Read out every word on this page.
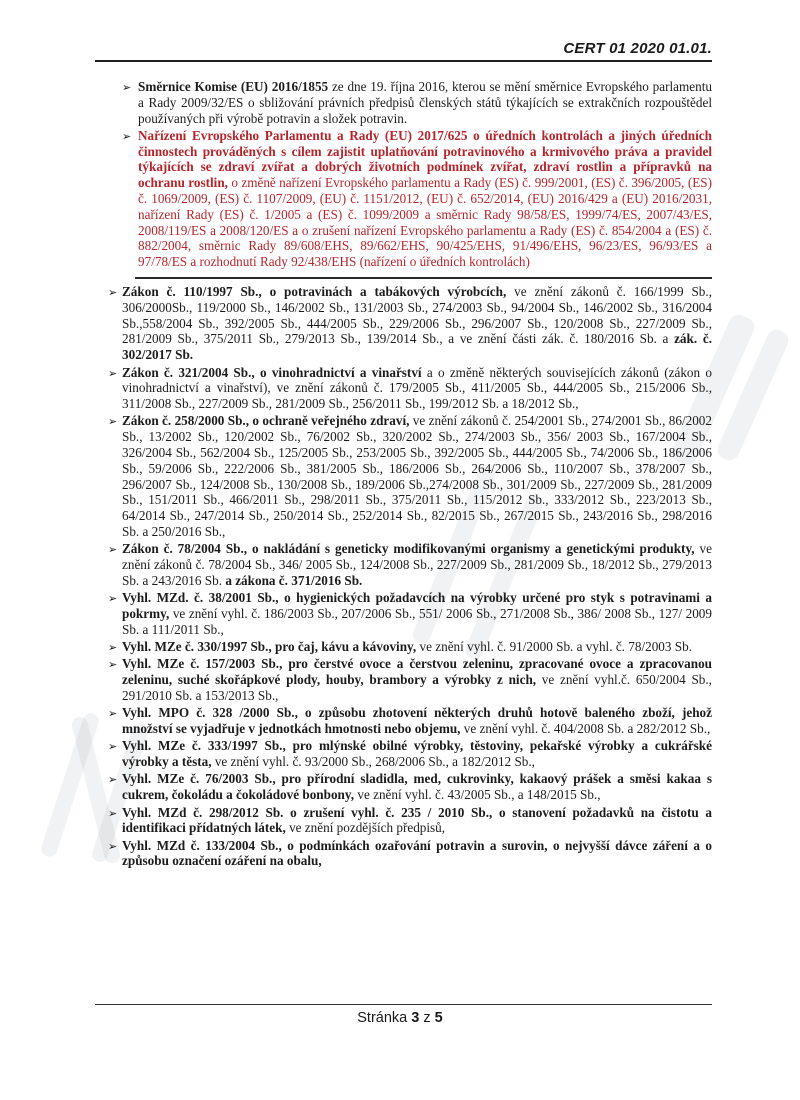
CERT 01 2020 01.01.
➢ Směrnice Komise (EU) 2016/1855 ze dne 19. října 2016, kterou se mění směrnice Evropského parlamentu a Rady 2009/32/ES o sbližování právních předpisů členských států týkajících se extrakčních rozpouštědel používaných při výrobě potravin a složek potravin.
➢ Nařízení Evropského Parlamentu a Rady (EU) 2017/625 o úředních kontrolách a jiných úředních činnostech prováděných s cílem zajistit uplatňování potravinového a krmivového práva a pravidel týkajících se zdraví zvířat a dobrých životních podmínek zvířat, zdraví rostlin a přípravků na ochranu rostlin, o změně nařízení Evropského parlamentu a Rady (ES) č. 999/2001, (ES) č. 396/2005, (ES) č. 1069/2009, (ES) č. 1107/2009, (EU) č. 1151/2012, (EU) č. 652/2014, (EU) 2016/429 a (EU) 2016/2031, nařízení Rady (ES) č. 1/2005 a (ES) č. 1099/2009 a směrnic Rady 98/58/ES, 1999/74/ES, 2007/43/ES, 2008/119/ES a 2008/120/ES a o zrušení nařízení Evropského parlamentu a Rady (ES) č. 854/2004 a (ES) č. 882/2004, směrnic Rady 89/608/EHS, 89/662/EHS, 90/425/EHS, 91/496/EHS, 96/23/ES, 96/93/ES a 97/78/ES a rozhodnutí Rady 92/438/EHS (nařízení o úředních kontrolách)
➢ Zákon č. 110/1997 Sb., o potravinách a tabákových výrobcích, ve znění zákonů č. 166/1999 Sb., 306/2000Sb., 119/2000 Sb., 146/2002 Sb., 131/2003 Sb., 274/2003 Sb., 94/2004 Sb., 146/2002 Sb., 316/2004 Sb.,558/2004 Sb., 392/2005 Sb., 444/2005 Sb., 229/2006 Sb., 296/2007 Sb., 120/2008 Sb., 227/2009 Sb., 281/2009 Sb., 375/2011 Sb., 279/2013 Sb., 139/2014 Sb., a ve znění části zák. č. 180/2016 Sb. a zák. č. 302/2017 Sb.
➢ Zákon č. 321/2004 Sb., o vinohradnictví a vinařství a o změně některých souvisejících zákonů (zákon o vinohradnictví a vinařství), ve znění zákonů č. 179/2005 Sb., 411/2005 Sb., 444/2005 Sb., 215/2006 Sb., 311/2008 Sb., 227/2009 Sb., 281/2009 Sb., 256/2011 Sb., 199/2012 Sb. a 18/2012 Sb.,
➢ Zákon č. 258/2000 Sb., o ochraně veřejného zdraví, ve znění zákonů č. 254/2001 Sb., 274/2001 Sb., 86/2002 Sb., 13/2002 Sb., 120/2002 Sb., 76/2002 Sb., 320/2002 Sb., 274/2003 Sb., 356/ 2003 Sb., 167/2004 Sb., 326/2004 Sb., 562/2004 Sb., 125/2005 Sb., 253/2005 Sb., 392/2005 Sb., 444/2005 Sb., 74/2006 Sb., 186/2006 Sb., 59/2006 Sb., 222/2006 Sb., 381/2005 Sb., 186/2006 Sb., 264/2006 Sb., 110/2007 Sb., 378/2007 Sb., 296/2007 Sb., 124/2008 Sb., 130/2008 Sb., 189/2006 Sb.,274/2008 Sb., 301/2009 Sb., 227/2009 Sb., 281/2009 Sb., 151/2011 Sb., 466/2011 Sb., 298/2011 Sb., 375/2011 Sb., 115/2012 Sb., 333/2012 Sb., 223/2013 Sb., 64/2014 Sb., 247/2014 Sb., 250/2014 Sb., 252/2014 Sb., 82/2015 Sb., 267/2015 Sb., 243/2016 Sb., 298/2016 Sb. a 250/2016 Sb.,
➢ Zákon č. 78/2004 Sb., o nakládání s geneticky modifikovanými organismy a genetickými produkty, ve znění zákonů č. 78/2004 Sb., 346/ 2005 Sb., 124/2008 Sb., 227/2009 Sb., 281/2009 Sb., 18/2012 Sb., 279/2013 Sb. a 243/2016 Sb. a zákona č. 371/2016 Sb.
➢ Vyhl. MZd. č. 38/2001 Sb., o hygienických požadavcích na výrobky určené pro styk s potravinami a pokrmy, ve znění vyhl. č. 186/2003 Sb., 207/2006 Sb., 551/ 2006 Sb., 271/2008 Sb., 386/ 2008 Sb., 127/ 2009 Sb. a 111/2011 Sb.,
➢ Vyhl. MZe č. 330/1997 Sb., pro čaj, kávu a kávoviny, ve znění vyhl. č. 91/2000 Sb. a vyhl. č. 78/2003 Sb.
➢ Vyhl. MZe č. 157/2003 Sb., pro čerstvé ovoce a čerstvou zeleninu, zpracované ovoce a zpracovanou zeleninu, suché skořápkové plody, houby, brambory a výrobky z nich, ve znění vyhl.č. 650/2004 Sb., 291/2010 Sb. a 153/2013 Sb.,
➢ Vyhl. MPO č. 328 /2000 Sb., o způsobu zhotovení některých druhů hotově baleného zboží, jehož množství se vyjadřuje v jednotkách hmotnosti nebo objemu, ve znění vyhl. č. 404/2008 Sb. a 282/2012 Sb.,
➢ Vyhl. MZe č. 333/1997 Sb., pro mlýnské obilné výrobky, těstoviny, pekařské výrobky a cukrářské výrobky a těsta, ve znění vyhl. č. 93/2000 Sb., 268/2006 Sb., a 182/2012 Sb.,
➢ Vyhl. MZe č. 76/2003 Sb., pro přírodní sladidla, med, cukrovinky, kakaový prášek a směsi kakaa s cukrem, čokoládu a čokoládové bonbony, ve znění vyhl. č. 43/2005 Sb., a 148/2015 Sb.,
➢ Vyhl. MZd č. 298/2012 Sb. o zrušení vyhl. č. 235 / 2010 Sb., o stanovení požadavků na čistotu a identifikaci přídatných látek, ve znění pozdějších předpisů,
➢ Vyhl. MZd č. 133/2004 Sb., o podmínkách ozařování potravin a surovin, o nejvyšší dávce záření a o způsobu označení ozáření na obalu,
Stránka 3 z 5
